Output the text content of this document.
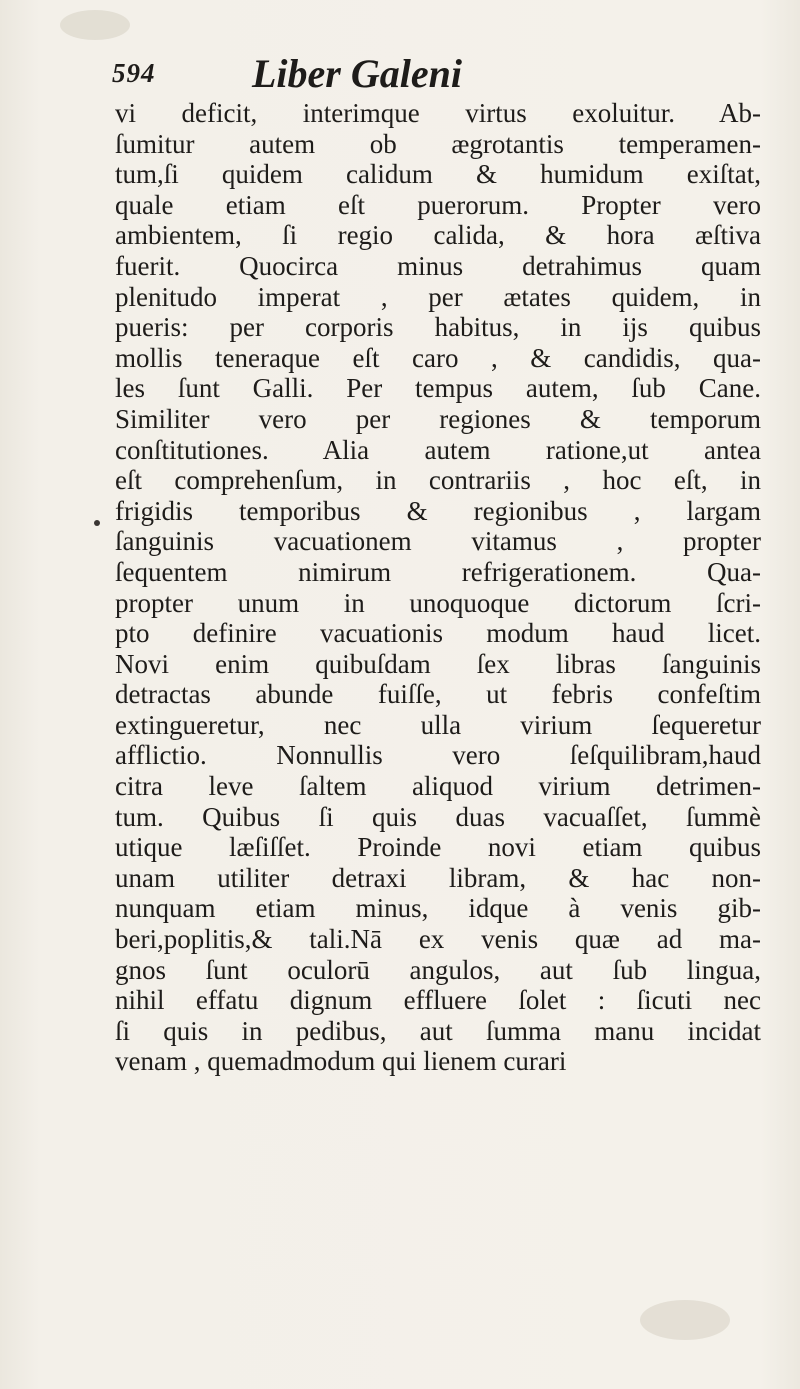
594 Liber Galeni
vi deficit, interimque virtus exoluitur. Ab-
ſumitur autem ob ægrotantis temperamen-
tum,ſi quidem calidum & humidum exiſtat,
quale etiam eſt puerorum. Propter vero
ambientem, ſi regio calida, & hora æſtiva
fuerit. Quocirca minus detrahimus quam
plenitudo imperat , per ætates quidem, in
pueris: per corporis habitus, in ijs quibus
mollis teneraque eſt caro , & candidis, qua-
les ſunt Galli. Per tempus autem, ſub Cane.
Similiter vero per regiones & temporum
conſtitutiones. Alia autem ratione,ut antea
eſt comprehenſum, in contrariis , hoc eſt, in
frigidis temporibus & regionibus , largam
ſanguinis vacuationem vitamus , propter
ſequentem nimirum refrigerationem. Qua-
propter unum in unoquoque dictorum ſcri-
pto definire vacuationis modum haud licet.
Novi enim quibuſdam ſex libras ſanguinis
detractas abunde fuiſſe, ut febris confeſtim
extingueretur, nec ulla virium ſequeretur
afflictio. Nonnullis vero ſeſquilibram,haud
citra leve ſaltem aliquod virium detrimen-
tum. Quibus ſi quis duas vacuaſſet, ſummè
utique læſiſſet. Proinde novi etiam quibus
unam utiliter detraxi libram, & hac non-
nunquam etiam minus, idque à venis gib-
beri,poplitis,& tali.Nā ex venis quæ ad ma-
gnos ſunt oculorū angulos, aut ſub lingua,
nihil effatu dignum effluere ſolet : ſicuti nec
ſi quis in pedibus, aut ſumma manu incidat
venam , quemadmodum qui lienem curari
